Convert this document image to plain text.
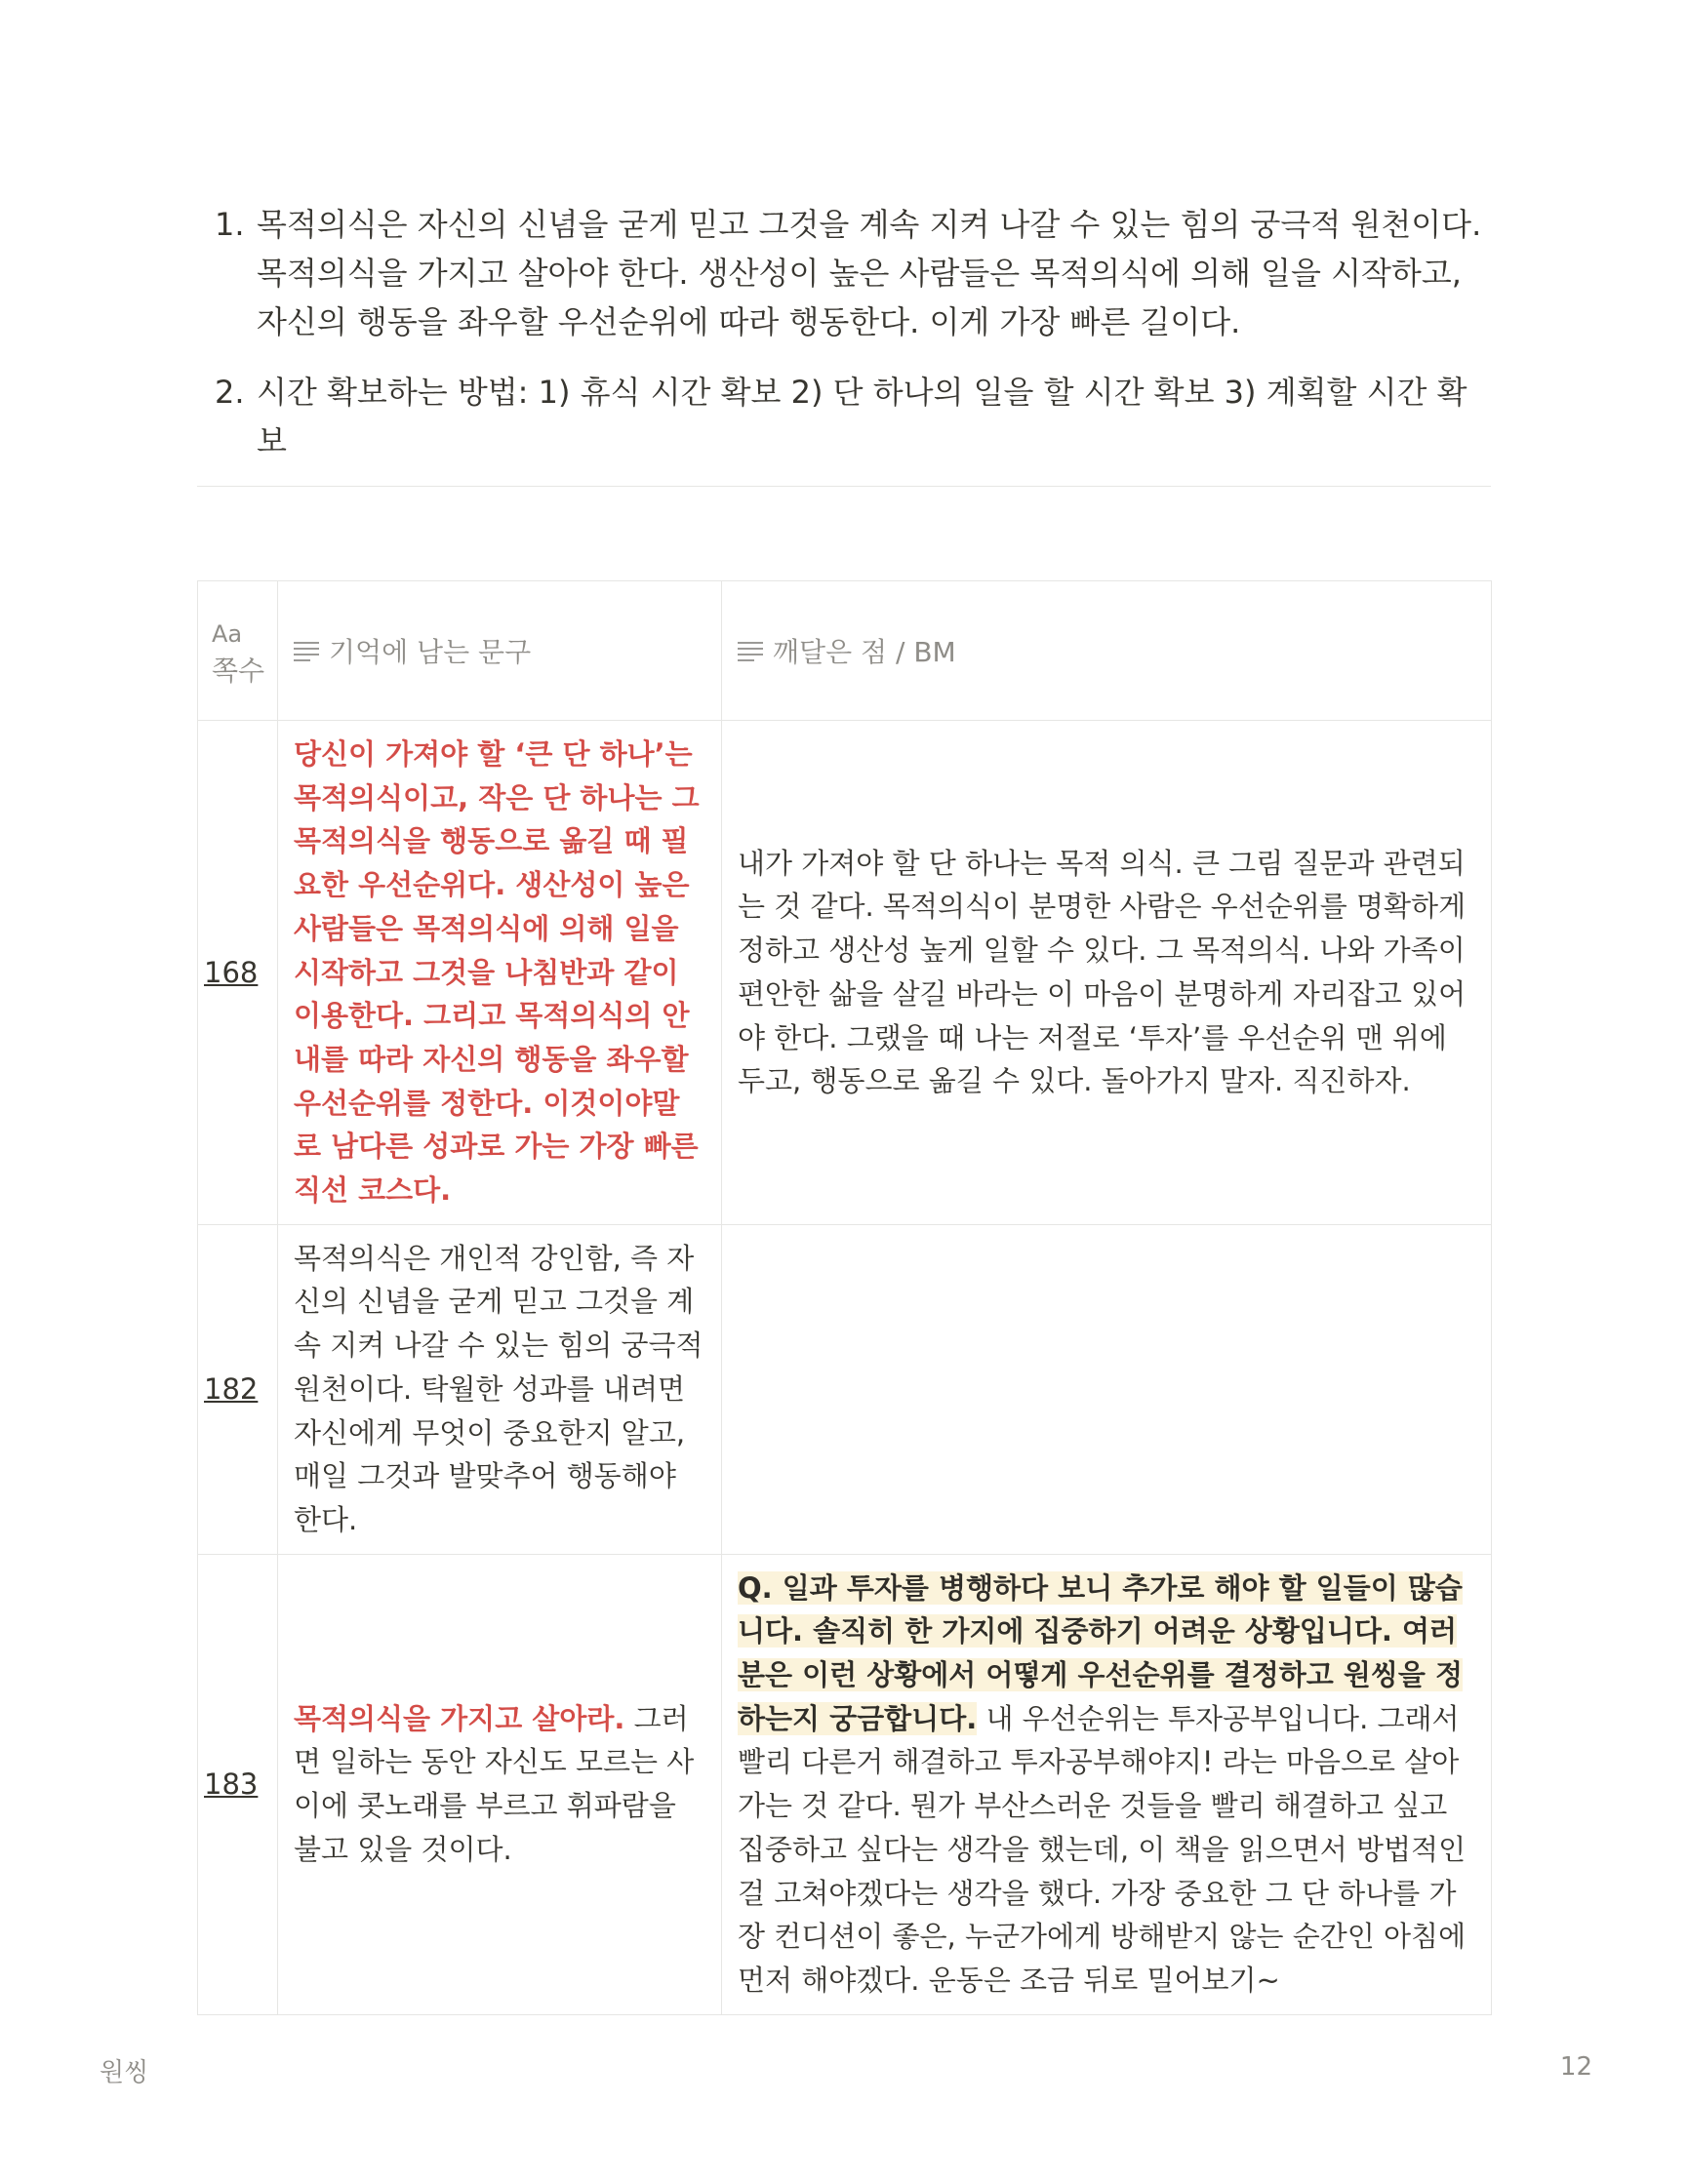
1. 목적의식은 자신의 신념을 굳게 믿고 그것을 계속 지켜 나갈 수 있는 힘의 궁극적 원천이다. 목적의식을 가지고 살아야 한다. 생산성이 높은 사람들은 목적의식에 의해 일을 시작하고, 자신의 행동을 좌우할 우선순위에 따라 행동한다. 이게 가장 빠른 길이다.
2. 시간 확보하는 방법: 1) 휴식 시간 확보 2) 단 하나의 일을 할 시간 확보 3) 계획할 시간 확보
Aa
쪽수	기억에 남는 문구	깨달은 점 / BM

168	당신이 가져야 할 ‘큰 단 하나’는 목적의식이고, 작은 단 하나는 그 목적의식을 행동으로 옮길 때 필요한 우선순위다. 생산성이 높은 사람들은 목적의식에 의해 일을 시작하고 그것을 나침반과 같이 이용한다. 그리고 목적의식의 안내를 따라 자신의 행동을 좌우할 우선순위를 정한다. 이것이야말로 남다른 성과로 가는 가장 빠른 직선 코스다.	내가 가져야 할 단 하나는 목적 의식. 큰 그림 질문과 관련되는 것 같다. 목적의식이 분명한 사람은 우선순위를 명확하게 정하고 생산성 높게 일할 수 있다. 그 목적의식. 나와 가족이 편안한 삶을 살길 바라는 이 마음이 분명하게 자리잡고 있어야 한다. 그랬을 때 나는 저절로 ‘투자’를 우선순위 맨 위에 두고, 행동으로 옮길 수 있다. 돌아가지 말자. 직진하자.
182	목적의식은 개인적 강인함, 즉 자신의 신념을 굳게 믿고 그것을 계속 지켜 나갈 수 있는 힘의 궁극적 원천이다. 탁월한 성과를 내려면 자신에게 무엇이 중요한지 알고, 매일 그것과 발맞추어 행동해야 한다.	
183	목적의식을 가지고 살아라. 그러면 일하는 동안 자신도 모르는 사이에 콧노래를 부르고 휘파람을 불고 있을 것이다.	Q. 일과 투자를 병행하다 보니 추가로 해야 할 일들이 많습니다. 솔직히 한 가지에 집중하기 어려운 상황입니다. 여러분은 이런 상황에서 어떻게 우선순위를 결정하고 원씽을 정하는지 궁금합니다. 내 우선순위는 투자공부입니다. 그래서 빨리 다른거 해결하고 투자공부해야지! 라는 마음으로 살아가는 것 같다. 뭔가 부산스러운 것들을 빨리 해결하고 싶고 집중하고 싶다는 생각을 했는데, 이 책을 읽으면서 방법적인 걸 고쳐야겠다는 생각을 했다. 가장 중요한 그 단 하나를 가장 컨디션이 좋은, 누군가에게 방해받지 않는 순간인 아침에 먼저 해야겠다. 운동은 조금 뒤로 밀어보기~
원씽	12
